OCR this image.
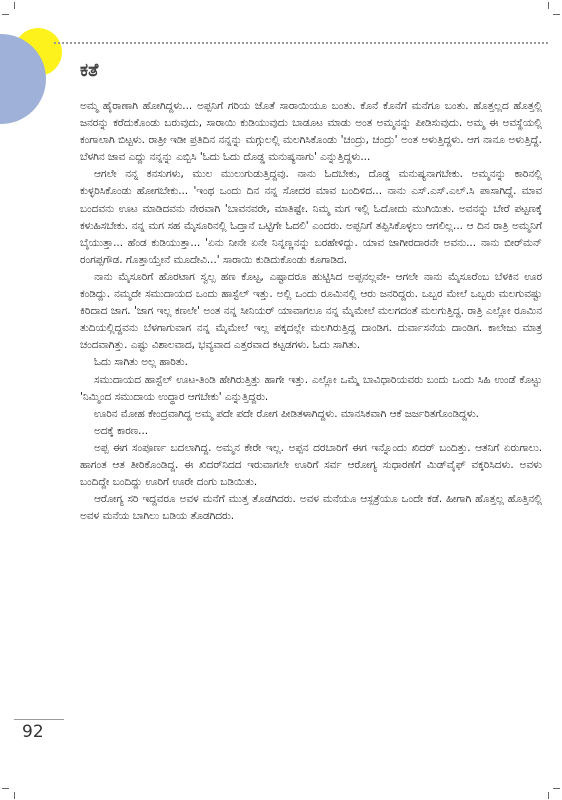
ಕತೆ

ಅಮ್ಮ ಹೈರಾಣಾಗಿ ಹೋಗಿದ್ದಳು... ಅಪ್ಪನಿಗೆ ಗರಿಯ ಜೊತೆ ಸಾರಾಯಿಯೂ ಬಂತು. ಕೊನೆ ಕೊನೆಗೆ ಮನೆಗೂ ಬಂತು. ಹೊತ್ತಲ್ಲದ ಹೊತ್ತಲ್ಲಿ ಜನರನ್ನು ಕರೆದುಕೊಂಡು ಬರುವುದು, ಸಾರಾಯಿ ಕುಡಿಯುವುದು ಬಾಡೂಟ ಮಾಡು ಅಂತ ಅಮ್ಮನನ್ನು ಪೀಡಿಸುವುದು. ಅಮ್ಮ ಈ ಅವಸ್ಥೆಯಲ್ಲಿ ಕಂಗಾಲಾಗಿ ಬಿಟ್ಟಳು. ರಾತ್ರೀ ಇಡೀ ಪ್ರತಿದಿನ ನನ್ನನ್ನು ಮಗ್ಗುಲಲ್ಲಿ ಮಲಗಿಸಿಕೊಂಡು 'ಚಂದ್ರು, ಚಂದ್ರು' ಅಂತ ಅಳುತ್ತಿದ್ದಳು. ಆಗ ನಾನೂ ಅಳುತ್ತಿದ್ದೆ. ಬೆಳಗಿನ ಜಾವ ಎದ್ದು ನನ್ನನ್ನು ಎಬ್ಬಿಸಿ 'ಓದು ಓದು ದೊಡ್ಡ ಮನುಷ್ಯನಾಗು' ಎನ್ನುತ್ತಿದ್ದಳು...

ಆಗಲೇ ನನ್ನ ಕನಸುಗಳು, ಮುಲ ಮುಲುಗುಡುತ್ತಿದ್ದವು. ನಾನು ಓದಬೇಕು, ದೊಡ್ಡ ಮನುಷ್ಯನಾಗಬೇಕು. ಅಮ್ಮನನ್ನು ಕಾರಿನಲ್ಲಿ ಕುಳ್ಳರಿಸಿಕೊಂಡು ಹೋಗಬೇಕು... 'ಇಂಥ ಒಂದು ದಿನ ನನ್ನ ಸೋದರ ಮಾವ ಬಂದಿಳಿದ... ನಾನು ಎಸ್.ಎಸ್.ಎಲ್.ಸಿ ಪಾಸಾಗಿದ್ದೆ. ಮಾವ ಬಂದವನು ಊಟ ಮಾಡಿದವನು ನೇರವಾಗಿ 'ಬಾವನವರೇ, ಮಾತಿಷ್ಟೇ. ನಿಮ್ಮ ಮಗ ಇಲ್ಲಿ ಓದೋದು ಮುಗಿಯಿತು. ಅವನನ್ನು ಬೇರೆ ಪಟ್ಟಣಕ್ಕೆ ಕಳುಹಿಸಬೇಕು. ನನ್ನ ಮಗ ಸಹ ಮೈಸೂರಿನಲ್ಲಿ ಓದ್ತಾನೆ ಒಟ್ಟಿಗೇ ಓದಲಿ' ಎಂದರು. ಅಪ್ಪನಿಗೆ ತಪ್ಪಿಸಿಕೊಳ್ಳಲು ಆಗಲಿಲ್ಲ... ಆ ದಿನ ರಾತ್ರಿ ಅಮ್ಮನಿಗೆ ಬೈಯುತ್ತಾ... ಹೆಂಡ ಕುಡಿಯುತ್ತಾ... 'ಏನು ನೀನೇ ಏನೇ ನಿನ್ನಣ್ಣನನ್ನು ಬರಹೇಳಿದ್ದು. ಯಾವ ಜಾಗೀರದಾರನೇ ಅವನು... ನಾನು ಬೀರ್‌ಮನ್ ರಂಗಪ್ಪಗೌಡ. ಗೊತ್ತಾಯ್ತೇನೆ ಮೂದೇವಿ...' ಸಾರಾಯಿ ಕುಡಿದುಕೊಂಡು ಕೂಗಾಡಿದ.

ನಾನು ಮೈಸೂರಿಗೆ ಹೊರಟಾಗ ಸ್ವಲ್ಪ ಹಣ ಕೊಟ್ಟ, ಎಷ್ಟಾದರೂ ಹುಟ್ಟಿಸಿದ ಅಪ್ಪನಲ್ಲವೇ- ಆಗಲೇ ನಾನು ಮೈಸೂರೆಂಬ ಬೆಳಕಿನ ಊರ ಕಂಡಿದ್ದು. ನಮ್ಮದೇ ಸಮುದಾಯದ ಒಂದು ಹಾಸ್ಟೆಲ್ ಇತ್ತು. ಅಲ್ಲಿ ಒಂದು ರೂಮಿನಲ್ಲಿ ಆರು ಜನರಿದ್ದರು. ಒಬ್ಬರ ಮೇಲೆ ಒಬ್ಬರು ಮಲಗುವಷ್ಟು ಕಿರಿದಾದ ಜಾಗ. 'ಜಾಗ ಇಲ್ಲ ಕಣಲೇ' ಅಂತ ನನ್ನ ಸೀನಿಯರ್ ಯಾವಾಗಲೂ ನನ್ನ ಮೈಮೇಲೆ ಮಲಗದಂತೆ ಮಲಗುತ್ತಿದ್ದ. ರಾತ್ರಿ ಎಲ್ಲೋ ರೂಮಿನ ತುದಿಯಲ್ಲಿದ್ದವನು ಬೆಳಗಾಗುವಾಗ ನನ್ನ ಮೈಮೇಲೆ ಇಲ್ಲ ಪಕ್ಕದಲ್ಲೇ ಮಲಗಿರುತ್ತಿದ್ದ ದಾಂಡಿಗ. ದುರ್ವಾಸನೆಯ ದಾಂಡಿಗ. ಕಾಲೇಜು ಮಾತ್ರ ಚಂದವಾಗಿತ್ತು. ಎಷ್ಟು ವಿಶಾಲವಾದ, ಭವ್ಯವಾದ ಎತ್ತರವಾದ ಕಟ್ಟಡಗಳು. ಓದು ಸಾಗಿತು.

ಓದು ಸಾಗಿತು ಅಲ್ಲ ಹಾರಿತು.

ಸಮುದಾಯದ ಹಾಸ್ಟೆಲ್ ಊಟ-ತಿಂಡಿ ಹೇಗಿರುತ್ತಿತ್ತು ಹಾಗೇ ಇತ್ತು. ಎಲ್ಲೋ ಒಮ್ಮೆ ಬಾವಿಧಾರಿಯವರು ಬಂದು ಒಂದು ಸಿಹಿ ಉಂಡೆ ಕೊಟ್ಟು 'ನಿಮ್ಮಿಂದ ಸಮುದಾಯ ಉದ್ಧಾರ ಆಗಬೇಕು' ಎನ್ನುತ್ತಿದ್ದರು.

ಊರಿನ ಮೋಹ ಕೇಂದ್ರವಾಗಿದ್ದ ಅಮ್ಮ ಪದೇ ಪದೇ ರೋಗ ಪೀಡಿತಳಾಗಿದ್ದಳು. ಮಾನಸಿಕವಾಗಿ ಆಕೆ ಜರ್ಜರಿತಗೊಂಡಿದ್ದಳು.

ಅದಕ್ಕೆ ಕಾರಣ...

ಅಪ್ಪ ಈಗ ಸಂಪೂರ್ಣ ಬದಲಾಗಿದ್ದ. ಅಮ್ಮನ ಕೇರೇ ಇಲ್ಲ. ಅಪ್ಪನ ದರಬಾರಿಗೆ ಈಗ ಇನ್ನೊಂದು ಖಿದರ್ ಬಂದಿತ್ತು. ಆತನಿಗೆ ಏರುಗಾಲು. ಹಾಗಂತ ಆತ ತೀರಿಕೊಂಡಿದ್ದ. ಈ ಖಿದರ್‌ನಿದದ ಇರುವಾಗಲೇ ಊರಿಗೆ ಸರ್ವ ಆರೋಗ್ಯ ಸುಧಾರಣೆಗೆ ಮಿಡ್‌ವೈಫ್ ವಕ್ಕರಿಸಿದಳು. ಅವಳು ಬಂದಿದ್ದೇ ಬಂದಿದ್ದು ಊರಿಗೆ ಊರೇ ದಂಗು ಬಡಿಯಿತು.

ಆರೋಗ್ಯ ಸರಿ ಇದ್ದವರೂ ಅವಳ ಮನೆಗೆ ಮುತ್ತ ತೊಡಗಿದರು. ಅವಳ ಮನೆಯೂ ಆಸ್ಪತ್ರೆಯೂ ಒಂದೇ ಕಡೆ. ಹೀಗಾಗಿ ಹೊತ್ತಲ್ಲ ಹೊತ್ತಿನಲ್ಲಿ ಅವಳ ಮನೆಯ ಬಾಗಿಲು ಬಡಿಯ ತೊಡಗಿದರು.

92
